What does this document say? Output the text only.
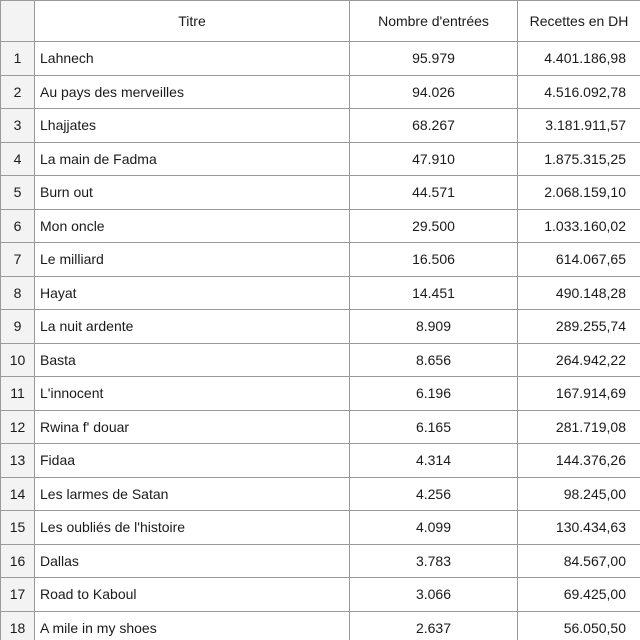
	Titre	Nombre d'entrées	Recettes en DH
1	Lahnech	95.979	4.401.186,98
2	Au pays des merveilles	94.026	4.516.092,78
3	Lhajjates	68.267	3.181.911,57
4	La main de Fadma	47.910	1.875.315,25
5	Burn out	44.571	2.068.159,10
6	Mon oncle	29.500	1.033.160,02
7	Le milliard	16.506	614.067,65
8	Hayat	14.451	490.148,28
9	La nuit ardente	8.909	289.255,74
10	Basta	8.656	264.942,22
11	L'innocent	6.196	167.914,69
12	Rwina f' douar	6.165	281.719,08
13	Fidaa	4.314	144.376,26
14	Les larmes de Satan	4.256	98.245,00
15	Les oubliés de l'histoire	4.099	130.434,63
16	Dallas	3.783	84.567,00
17	Road to Kaboul	3.066	69.425,00
18	A mile in my shoes	2.637	56.050,50
